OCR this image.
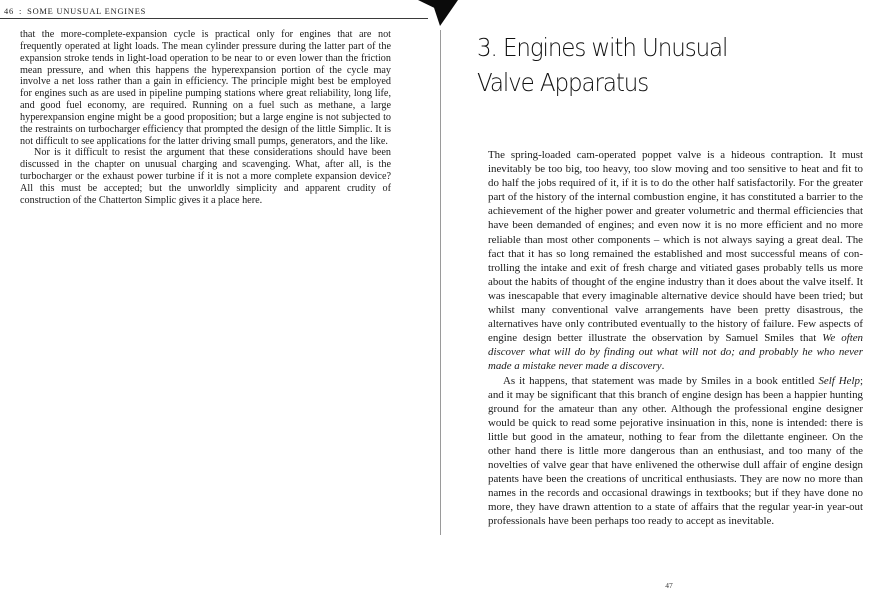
46 : SOME UNUSUAL ENGINES

that the more-complete-expansion cycle is practical only for engines that are not frequently operated at light loads. The mean cylinder pressure during the latter part of the expansion stroke tends in light-load operation to be near to or even lower than the friction mean pressure, and when this happens the hyperexpansion portion of the cycle may involve a net loss rather than a gain in efficiency. The principle might best be employed for engines such as are used in pipeline pumping stations where great reliability, long life, and good fuel economy, are required. Running on a fuel such as methane, a large hyperexpansion engine might be a good proposition; but a large engine is not subjected to the restraints on turbocharger efficiency that prompted the design of the little Simplic. It is not difficult to see applications for the latter driving small pumps, generators, and the like.

Nor is it difficult to resist the argument that these considerations should have been discussed in the chapter on unusual charging and scavenging. What, after all, is the turbocharger or the exhaust power turbine if it is not a more complete expansion device? All this must be accepted; but the unworldly simplicity and apparent crudity of construction of the Chatterton Simplic gives it a place here.

3. Engines with Unusual
Valve Apparatus

The spring-loaded cam-operated poppet valve is a hideous contraption. It must inevitably be too big, too heavy, too slow moving and too sensitive to heat and fit to do half the jobs required of it, if it is to do the other half satisfactorily. For the greater part of the history of the internal combustion engine, it has constituted a barrier to the achievement of the higher power and greater volumetric and thermal efficiencies that have been demanded of engines; and even now it is no more efficient and no more reliable than most other components – which is not always saying a great deal. The fact that it has so long remained the established and most successful means of controlling the intake and exit of fresh charge and vitiated gases probably tells us more about the habits of thought of the engine industry than it does about the valve itself. It was inescapable that every imaginable alternative device should have been tried; but whilst many conventional valve arrangements have been pretty disastrous, the alternatives have only contributed eventually to the history of failure. Few aspects of engine design better illustrate the observation by Samuel Smiles that We often discover what will do by finding out what will not do; and probably he who never made a mistake never made a discovery.

As it happens, that statement was made by Smiles in a book entitled Self Help; and it may be significant that this branch of engine design has been a happier hunting ground for the amateur than any other. Although the professional engine designer would be quick to read some pejorative insinuation in this, none is intended: there is little but good in the amateur, nothing to fear from the dilettante engineer. On the other hand there is little more dangerous than an enthusiast, and too many of the novelties of valve gear that have enlivened the otherwise dull affair of engine design patents have been the creations of uncritical enthusiasts. They are now no more than names in the records and occasional drawings in textbooks; but if they have done no more, they have drawn attention to a state of affairs that the regular year-in year-out professionals have been perhaps too ready to accept as inevitable.

47
